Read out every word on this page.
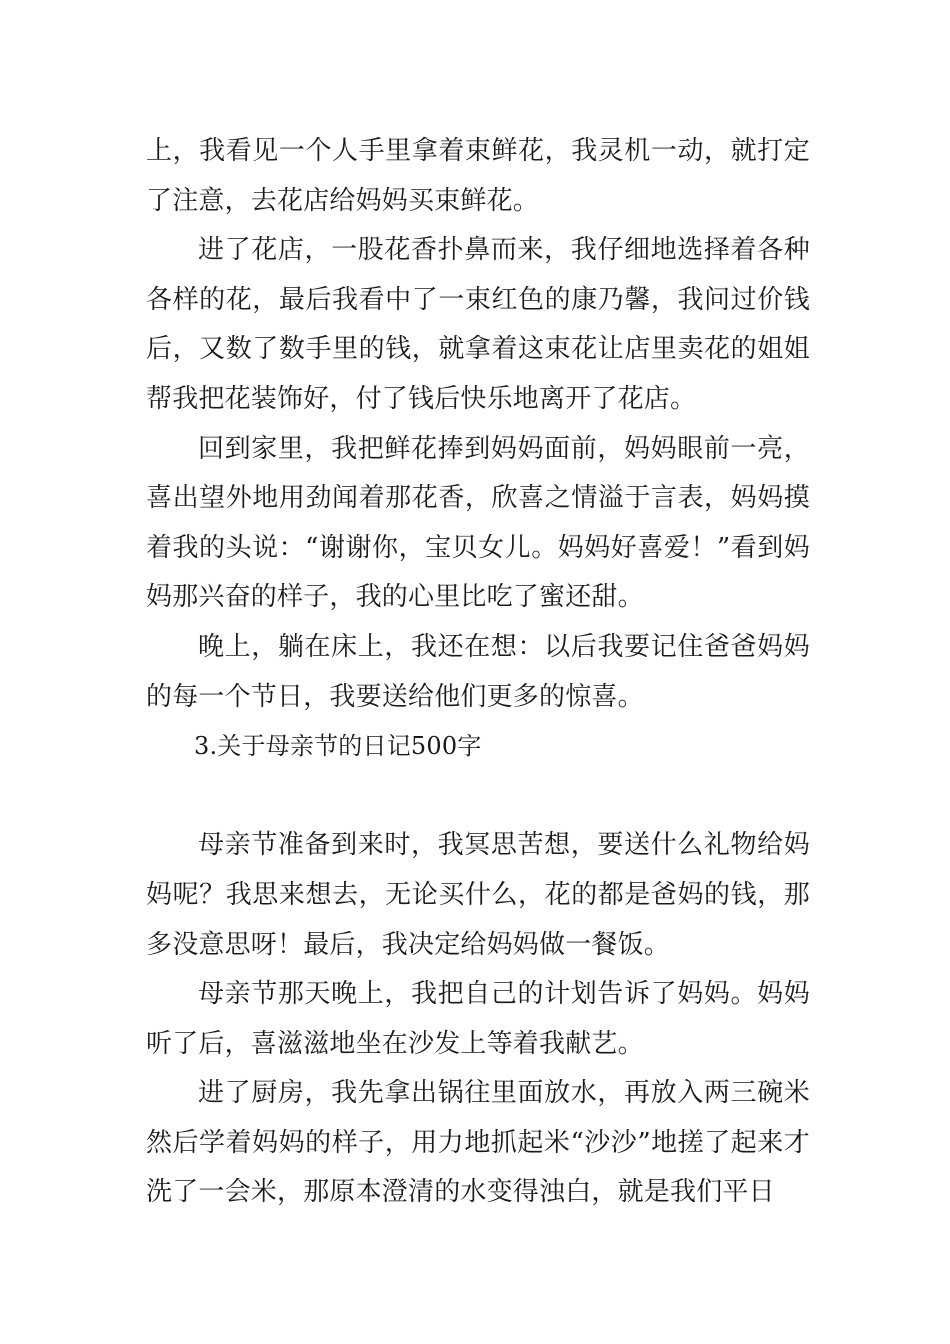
上，我看见一个人手里拿着束鲜花，我灵机一动，就打定了注意，去花店给妈妈买束鲜花。

进了花店，一股花香扑鼻而来，我仔细地选择着各种各样的花，最后我看中了一束红色的康乃馨，我问过价钱后，又数了数手里的钱，就拿着这束花让店里卖花的姐姐帮我把花装饰好，付了钱后快乐地离开了花店。

回到家里，我把鲜花捧到妈妈面前，妈妈眼前一亮，喜出望外地用劲闻着那花香，欣喜之情溢于言表，妈妈摸着我的头说：“谢谢你，宝贝女儿。妈妈好喜爱！”看到妈妈那兴奋的样子，我的心里比吃了蜜还甜。

晚上，躺在床上，我还在想：以后我要记住爸爸妈妈的每一个节日，我要送给他们更多的惊喜。

3.关于母亲节的日记500字

母亲节准备到来时，我冥思苦想，要送什么礼物给妈妈呢？我思来想去，无论买什么，花的都是爸妈的钱，那多没意思呀！最后，我决定给妈妈做一餐饭。

母亲节那天晚上，我把自己的计划告诉了妈妈。妈妈听了后，喜滋滋地坐在沙发上等着我献艺。

进了厨房，我先拿出锅往里面放水，再放入两三碗米然后学着妈妈的样子，用力地抓起米“沙沙”地搓了起来才洗了一会米，那原本澄清的水变得浊白，就是我们平日
